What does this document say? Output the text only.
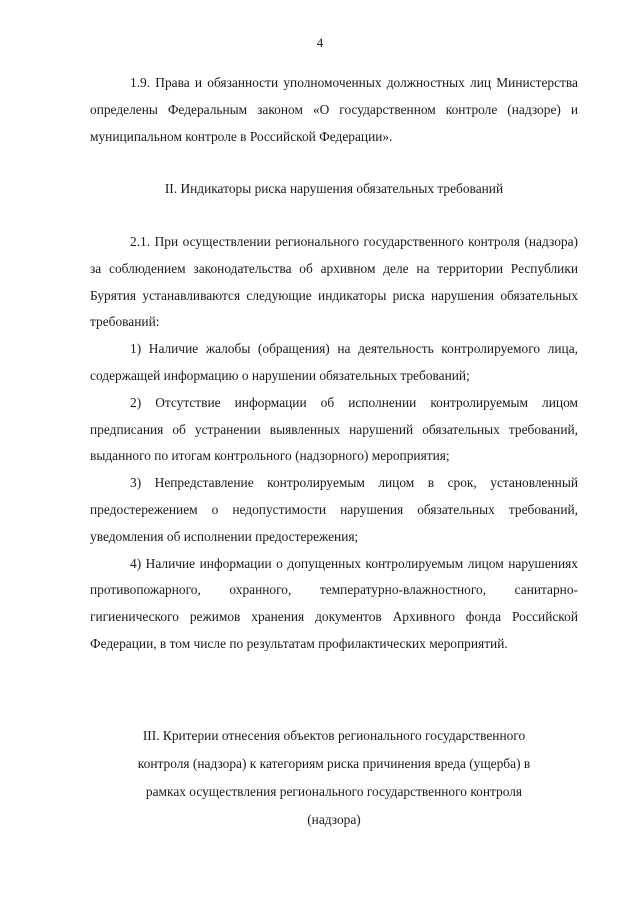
4

1.9. Права и обязанности уполномоченных должностных лиц Министерства определены Федеральным законом «О государственном контроле (надзоре) и муниципальном контроле в Российской Федерации».

II. Индикаторы риска нарушения обязательных требований

2.1. При осуществлении регионального государственного контроля (надзора) за соблюдением законодательства об архивном деле на территории Республики Бурятия устанавливаются следующие индикаторы риска нарушения обязательных требований:

1) Наличие жалобы (обращения) на деятельность контролируемого лица, содержащей информацию о нарушении обязательных требований;

2) Отсутствие информации об исполнении контролируемым лицом предписания об устранении выявленных нарушений обязательных требований, выданного по итогам контрольного (надзорного) мероприятия;

3) Непредставление контролируемым лицом в срок, установленный предостережением о недопустимости нарушения обязательных требований, уведомления об исполнении предостережения;

4) Наличие информации о допущенных контролируемым лицом нарушениях противопожарного, охранного, температурно-влажностного, санитарно-гигиенического режимов хранения документов Архивного фонда Российской Федерации, в том числе по результатам профилактических мероприятий.

III. Критерии отнесения объектов регионального государственного
контроля (надзора) к категориям риска причинения вреда (ущерба) в
рамках осуществления регионального государственного контроля
(надзора)
